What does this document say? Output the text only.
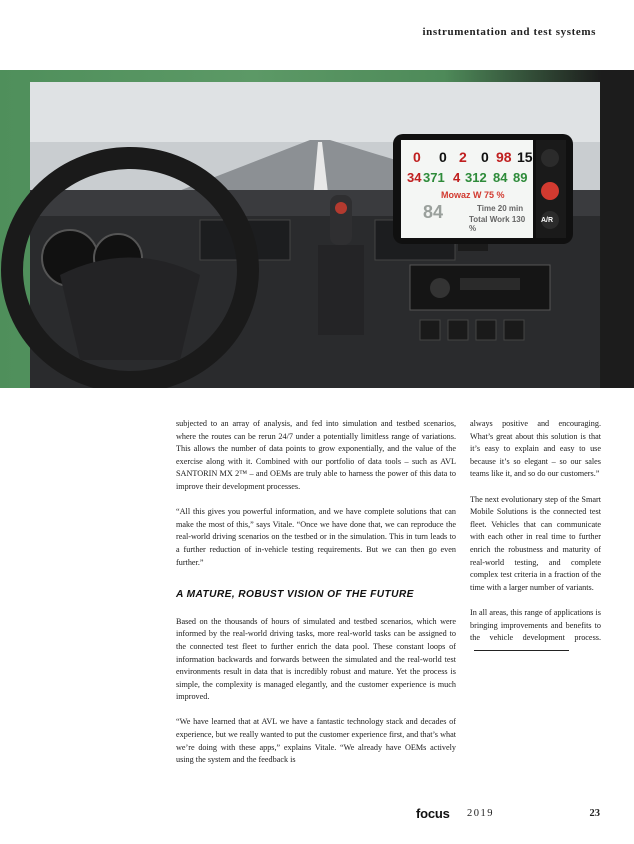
instrumentation and test systems
0 0 2 0 98 15
34 371 4 312 84 89
Mowaz W 75 %
84	Time 20 min
Total Work 130 %
A/R

subjected to an array of analysis, and fed into simulation and testbed scenarios, where the routes can be rerun 24/7 under a potentially limitless range of variations. This allows the number of data points to grow exponentially, and the value of the exercise along with it. Combined with our portfolio of data tools – such as AVL SANTORIN MX 2™ – and OEMs are truly able to harness the power of this data to improve their development processes.

“All this gives you powerful information, and we have complete solutions that can make the most of this,” says Vitale. “Once we have done that, we can reproduce the real-world driving scenarios on the testbed or in the simulation. This in turn leads to a further reduction of in-vehicle testing requirements. But we can then go even further.”

A MATURE, ROBUST VISION OF THE FUTURE

Based on the thousands of hours of simulated and testbed scenarios, which were informed by the real-world driving tasks, more real-world tasks can be assigned to the connected test fleet to further enrich the data pool. These constant loops of information backwards and forwards between the simulated and the real-world test environments result in data that is incredibly robust and mature. Yet the process is simple, the complexity is managed elegantly, and the customer experience is much improved.

“We have learned that at AVL we have a fantastic technology stack and decades of experience, but we really wanted to put the customer experience first, and that’s what we’re doing with these apps,” explains Vitale. “We already have OEMs actively using the system and the feedback is

always positive and encouraging. What’s great about this solution is that it’s easy to explain and easy to use because it’s so elegant – so our sales teams like it, and so do our customers.”

The next evolutionary step of the Smart Mobile Solutions is the connected test fleet. Vehicles that can communicate with each other in real time to further enrich the robustness and maturity of real-world testing, and complete complex test criteria in a fraction of the time with a larger number of variants.

In all areas, this range of applications is bringing improvements and benefits to the vehicle development process.

focus 2019	23
